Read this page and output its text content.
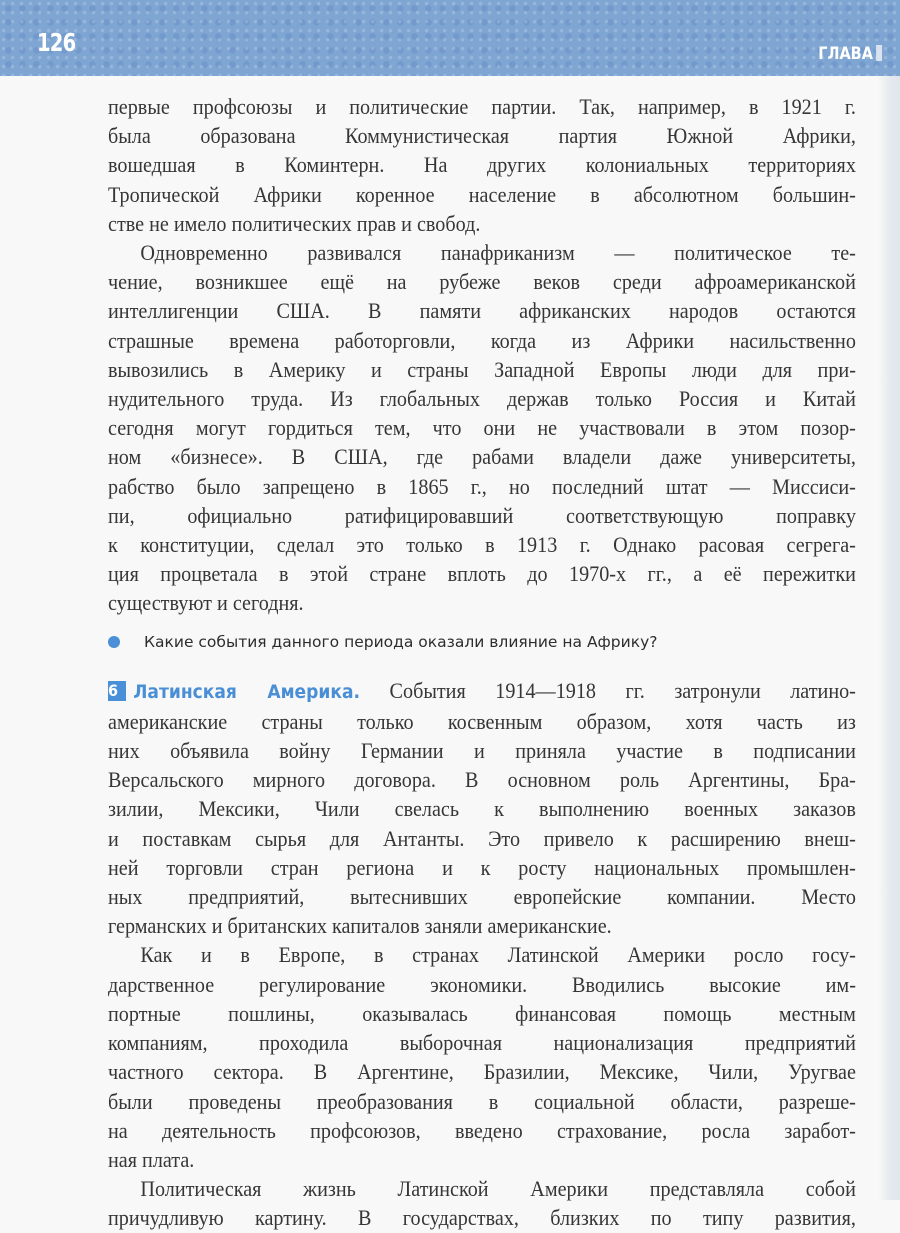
126	ГЛАВА
первые профсоюзы и политические партии. Так, например, в 1921 г.
была образована Коммунистическая партия Южной Африки,
вошедшая в Коминтерн. На других колониальных территориях
Тропической Африки коренное население в абсолютном большин-
стве не имело политических прав и свобод.
Одновременно развивался панафриканизм — политическое те-
чение, возникшее ещё на рубеже веков среди афроамериканской
интеллигенции США. В памяти африканских народов остаются
страшные времена работорговли, когда из Африки насильственно
вывозились в Америку и страны Западной Европы люди для при-
нудительного труда. Из глобальных держав только Россия и Китай
сегодня могут гордиться тем, что они не участвовали в этом позор-
ном «бизнесе». В США, где рабами владели даже университеты,
рабство было запрещено в 1865 г., но последний штат — Миссиси-
пи, официально ратифицировавший соответствующую поправку
к конституции, сделал это только в 1913 г. Однако расовая сегрега-
ция процветала в этой стране вплоть до 1970-х гг., а её пережитки
существуют и сегодня.
Какие события данного периода оказали влияние на Африку?
6 Латинская Америка. События 1914—1918 гг. затронули латино-
американские страны только косвенным образом, хотя часть из
них объявила войну Германии и приняла участие в подписании
Версальского мирного договора. В основном роль Аргентины, Бра-
зилии, Мексики, Чили свелась к выполнению военных заказов
и поставкам сырья для Антанты. Это привело к расширению внеш-
ней торговли стран региона и к росту национальных промышлен-
ных предприятий, вытеснивших европейские компании. Место
германских и британских капиталов заняли американские.
Как и в Европе, в странах Латинской Америки росло госу-
дарственное регулирование экономики. Вводились высокие им-
портные пошлины, оказывалась финансовая помощь местным
компаниям, проходила выборочная национализация предприятий
частного сектора. В Аргентине, Бразилии, Мексике, Чили, Уругвае
были проведены преобразования в социальной области, разреше-
на деятельность профсоюзов, введено страхование, росла заработ-
ная плата.
Политическая жизнь Латинской Америки представляла собой
причудливую картину. В государствах, близких по типу развития,
